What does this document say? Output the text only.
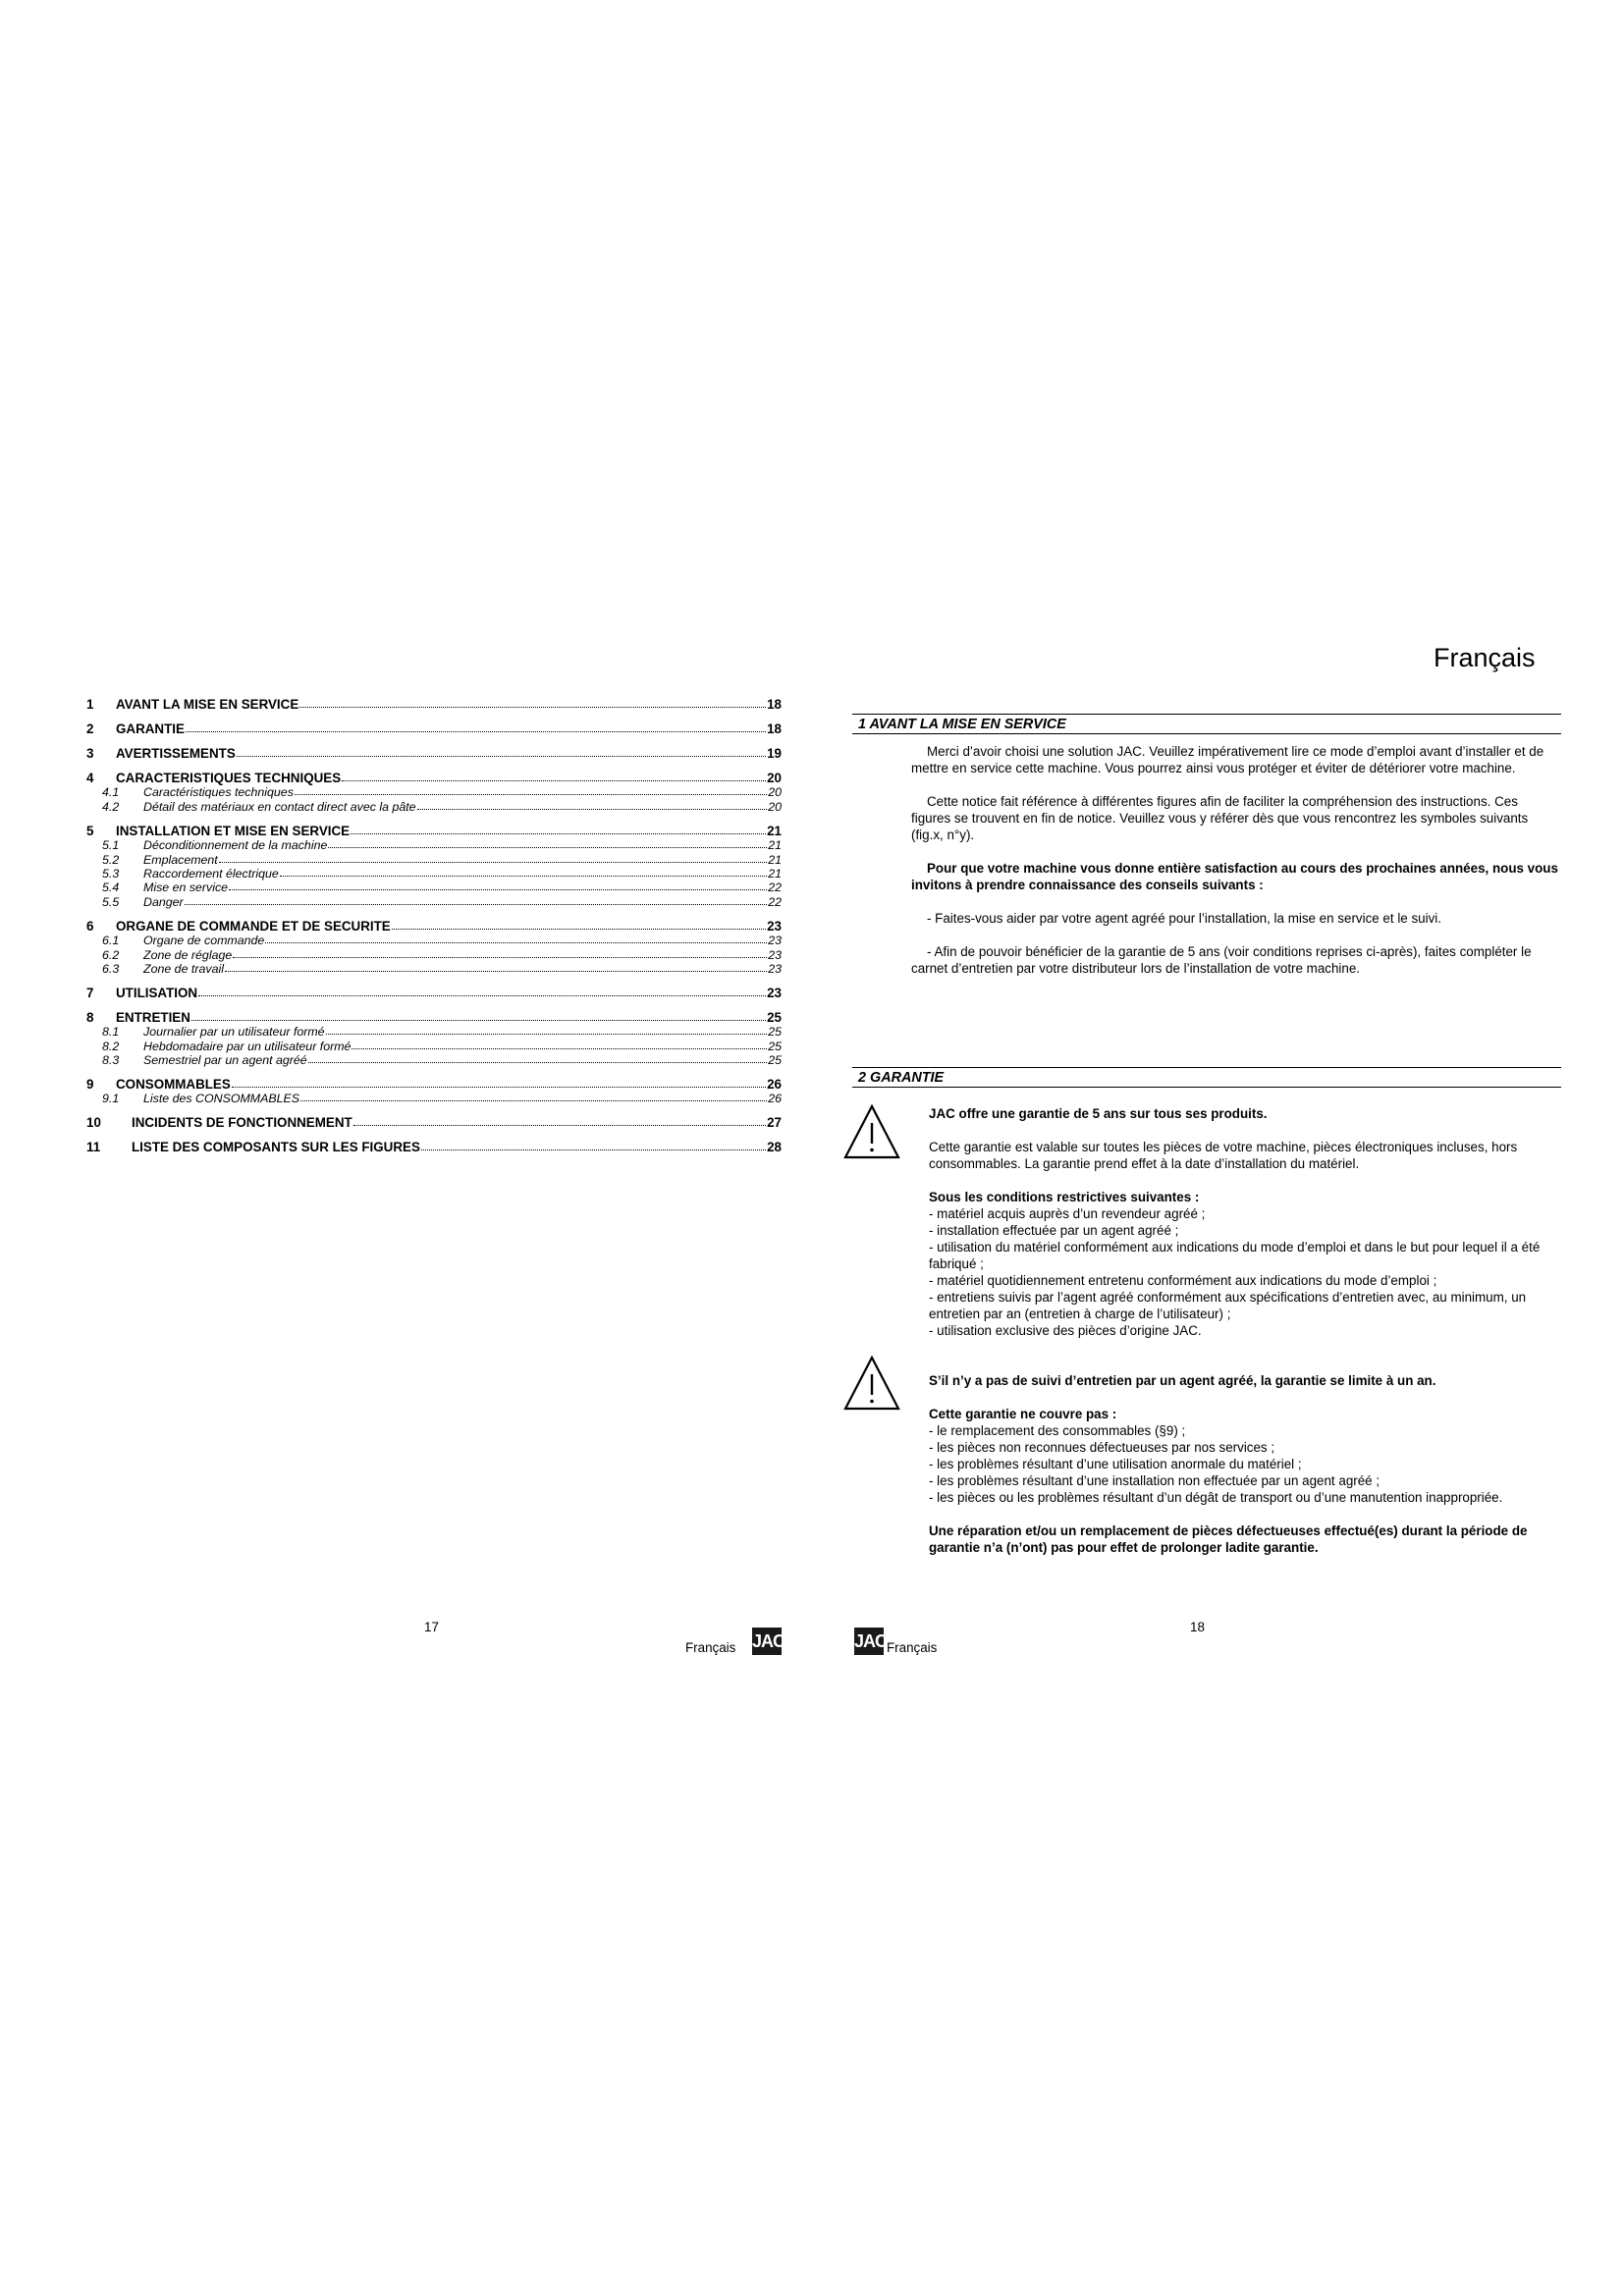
Français
1	AVANT LA MISE EN SERVICE	18
2	GARANTIE	18
3	AVERTISSEMENTS	19
4	CARACTERISTIQUES TECHNIQUES	20
4.1	Caractéristiques techniques	20
4.2	Détail des matériaux en contact direct avec la pâte	20
5	INSTALLATION ET MISE EN SERVICE	21
5.1	Déconditionnement de la machine	21
5.2	Emplacement	21
5.3	Raccordement électrique	21
5.4	Mise en service	22
5.5	Danger	22
6	ORGANE DE COMMANDE ET DE SECURITE	23
6.1	Organe de commande	23
6.2	Zone de réglage	23
6.3	Zone de travail	23
7	UTILISATION	23
8	ENTRETIEN	25
8.1	Journalier par un utilisateur formé	25
8.2	Hebdomadaire par un utilisateur formé	25
8.3	Semestriel par un agent agréé	25
9	CONSOMMABLES	26
9.1	Liste des CONSOMMABLES	26
10	INCIDENTS DE FONCTIONNEMENT	27
11	LISTE DES COMPOSANTS SUR LES FIGURES	28
1 AVANT LA MISE EN SERVICE

Merci d’avoir choisi une solution JAC. Veuillez impérativement lire ce mode d’emploi avant d’installer et de mettre en service cette machine. Vous pourrez ainsi vous protéger et éviter de détériorer votre machine.

Cette notice fait référence à différentes figures afin de faciliter la compréhension des instructions. Ces figures se trouvent en fin de notice. Veuillez vous y référer dès que vous rencontrez les symboles suivants (fig.x, n°y).

Pour que votre machine vous donne entière satisfaction au cours des prochaines années, nous vous invitons à prendre connaissance des conseils suivants :

- Faites-vous aider par votre agent agréé pour l’installation, la mise en service et le suivi.

- Afin de pouvoir bénéficier de la garantie de 5 ans (voir conditions reprises ci-après), faites compléter le carnet d’entretien par votre distributeur lors de l’installation de votre machine.

2 GARANTIE

JAC offre une garantie de 5 ans sur tous ses produits.

Cette garantie est valable sur toutes les pièces de votre machine, pièces électroniques incluses, hors consommables. La garantie prend effet à la date d’installation du matériel.

Sous les conditions restrictives suivantes :

- matériel acquis auprès d’un revendeur agréé ;

- installation effectuée par un agent agréé ;

- utilisation du matériel conformément aux indications du mode d’emploi et dans le but pour lequel il a été fabriqué ;

- matériel quotidiennement entretenu conformément aux indications du mode d’emploi ;

- entretiens suivis par l’agent agréé conformément aux spécifications d’entretien avec, au minimum, un entretien par an (entretien à charge de l’utilisateur) ;

- utilisation exclusive des pièces d’origine JAC.

S’il n’y a pas de suivi d’entretien par un agent agréé, la garantie se limite à un an.

Cette garantie ne couvre pas :

- le remplacement des consommables (§9) ;

- les pièces non reconnues défectueuses par nos services ;

- les problèmes résultant d’une utilisation anormale du matériel ;

- les problèmes résultant d’une installation non effectuée par un agent agréé ;

- les pièces ou les problèmes résultant d’un dégât de transport ou d’une manutention inappropriée.

Une réparation et/ou un remplacement de pièces défectueuses effectué(es) durant la période de garantie n’a (n’ont) pas pour effet de prolonger ladite garantie.

17	18
Français JAC	JAC Français
